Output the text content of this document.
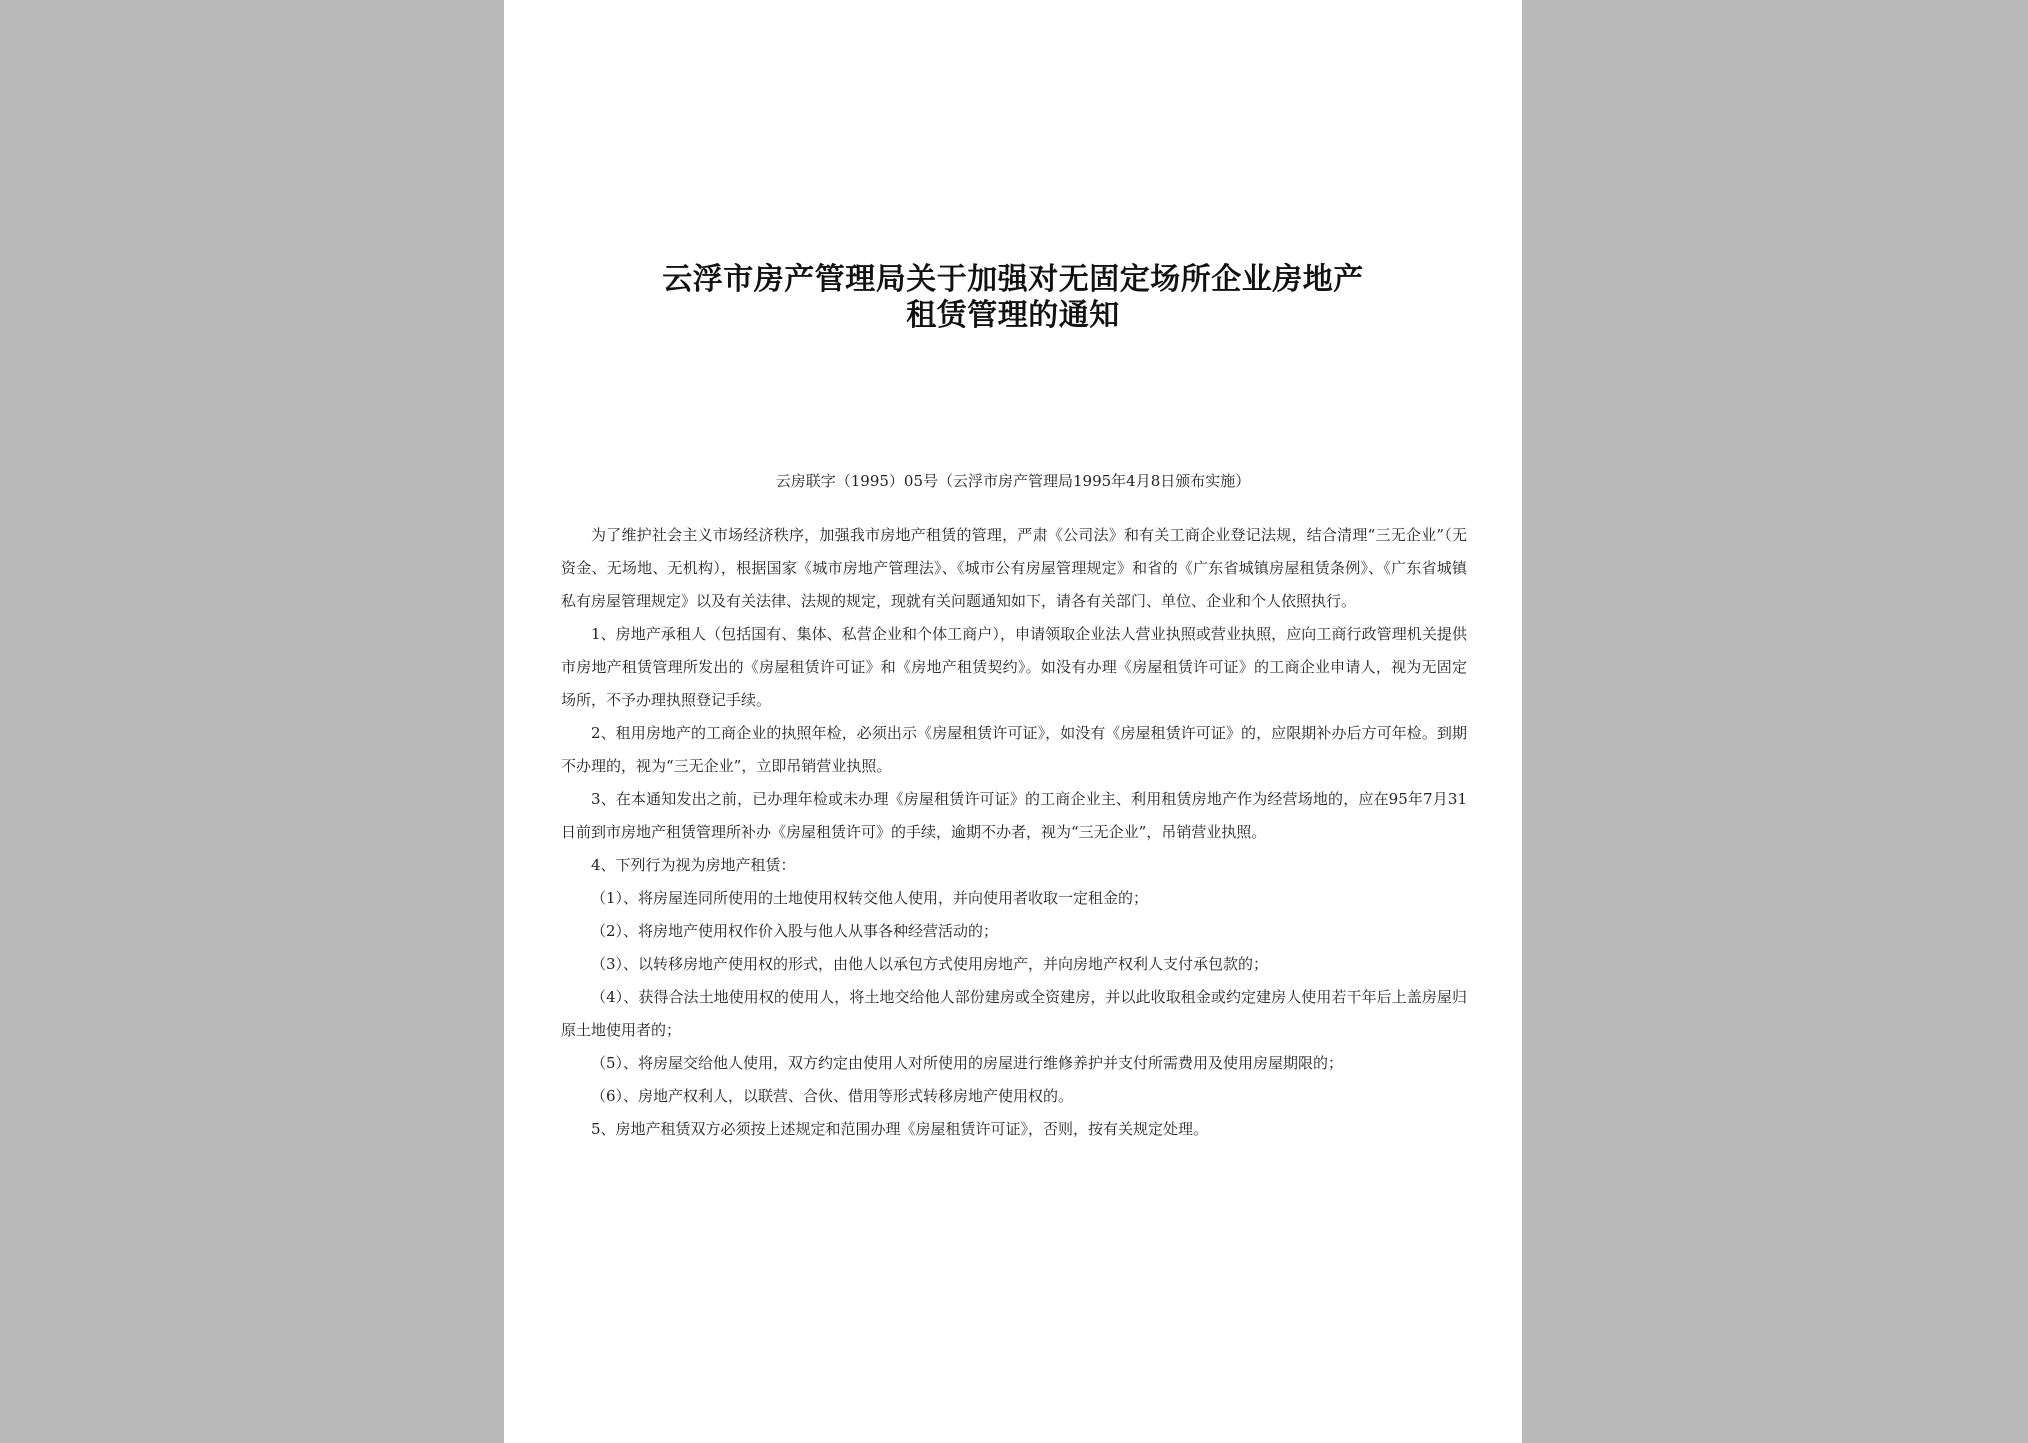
云浮市房产管理局关于加强对无固定场所企业房地产
租赁管理的通知
云房联字（1995）05号（云浮市房产管理局1995年4月8日颁布实施）

为了维护社会主义市场经济秩序，加强我市房地产租赁的管理，严肃《公司法》和有关工商企业登记法规，结合清理“三无企业”（无资金、无场地、无机构），根据国家《城市房地产管理法》、《城市公有房屋管理规定》和省的《广东省城镇房屋租赁条例》、《广东省城镇私有房屋管理规定》以及有关法律、法规的规定，现就有关问题通知如下，请各有关部门、单位、企业和个人依照执行。

1、房地产承租人（包括国有、集体、私营企业和个体工商户），申请领取企业法人营业执照或营业执照，应向工商行政管理机关提供市房地产租赁管理所发出的《房屋租赁许可证》和《房地产租赁契约》。如没有办理《房屋租赁许可证》的工商企业申请人，视为无固定场所，不予办理执照登记手续。

2、租用房地产的工商企业的执照年检，必须出示《房屋租赁许可证》，如没有《房屋租赁许可证》的，应限期补办后方可年检。到期不办理的，视为“三无企业”，立即吊销营业执照。

3、在本通知发出之前，已办理年检或未办理《房屋租赁许可证》的工商企业主、利用租赁房地产作为经营场地的，应在95年7月31日前到市房地产租赁管理所补办《房屋租赁许可》的手续，逾期不办者，视为“三无企业”，吊销营业执照。

4、下列行为视为房地产租赁：

（1）、将房屋连同所使用的土地使用权转交他人使用，并向使用者收取一定租金的；

（2）、将房地产使用权作价入股与他人从事各种经营活动的；

（3）、以转移房地产使用权的形式，由他人以承包方式使用房地产，并向房地产权利人支付承包款的；

（4）、获得合法土地使用权的使用人，将土地交给他人部份建房或全资建房，并以此收取租金或约定建房人使用若干年后上盖房屋归原土地使用者的；

（5）、将房屋交给他人使用，双方约定由使用人对所使用的房屋进行维修养护并支付所需费用及使用房屋期限的；

（6）、房地产权利人，以联营、合伙、借用等形式转移房地产使用权的。

5、房地产租赁双方必须按上述规定和范围办理《房屋租赁许可证》，否则，按有关规定处理。
